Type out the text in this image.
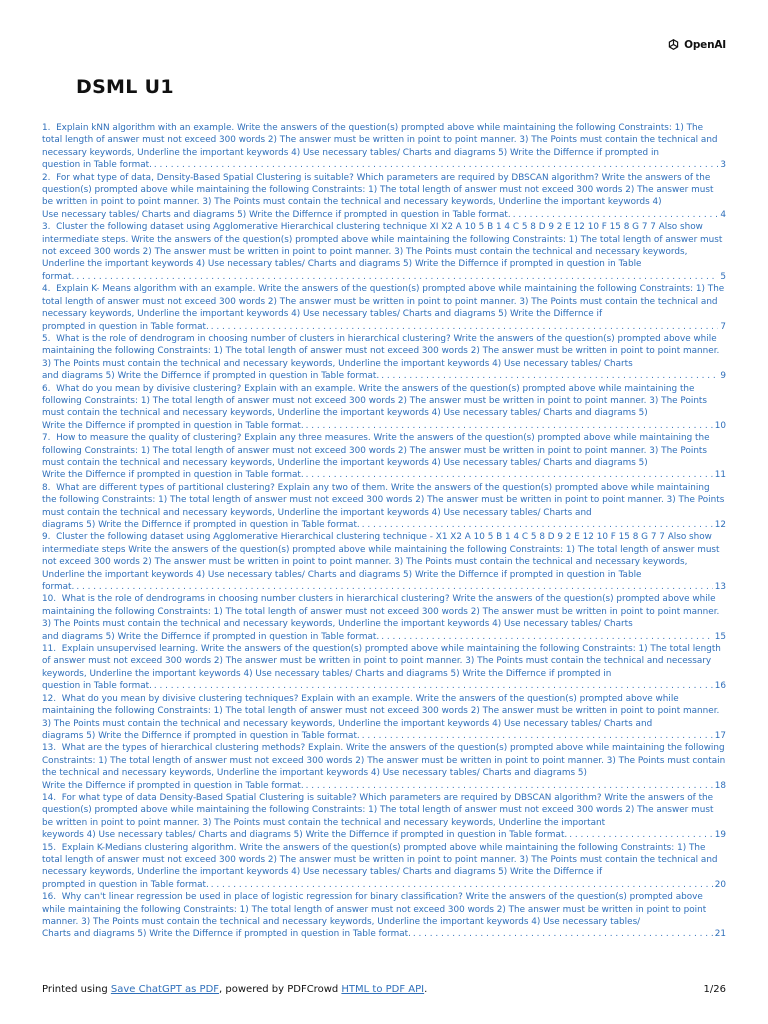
OpenAI
DSML U1
1. Explain kNN algorithm with an example. Write the answers of the question(s) prompted above while maintaining the following Constraints: 1) The total length of answer must not exceed 300 words 2) The answer must be written in point to point manner. 3) The Points must contain the technical and necessary keywords, Underline the important keywords 4) Use necessary tables/ Charts and diagrams 5) Write the Differnce if prompted in
question in Table format. . . .	3
2. For what type of data, Density-Based Spatial Clustering is suitable? Which parameters are required by DBSCAN algorithm? Write the answers of the question(s) prompted above while maintaining the following Constraints: 1) The total length of answer must not exceed 300 words 2) The answer must be written in point to point manner. 3) The Points must contain the technical and necessary keywords, Underline the important keywords 4)
Use necessary tables/ Charts and diagrams 5) Write the Differnce if prompted in question in Table format. . . .	4
3. Cluster the following dataset using Agglomerative Hierarchical clustering technique XI X2 A 10 5 B 1 4 C 5 8 D 9 2 E 12 10 F 15 8 G 7 7 Also show intermediate steps. Write the answers of the question(s) prompted above while maintaining the following Constraints: 1) The total length of answer must not exceed 300 words 2) The answer must be written in point to point manner. 3) The Points must contain the technical and necessary keywords, Underline the important keywords 4) Use necessary tables/ Charts and diagrams 5) Write the Differnce if prompted in question in Table
format. . . .	5
4. Explain K- Means algorithm with an example. Write the answers of the question(s) prompted above while maintaining the following Constraints: 1) The total length of answer must not exceed 300 words 2) The answer must be written in point to point manner. 3) The Points must contain the technical and necessary keywords, Underline the important keywords 4) Use necessary tables/ Charts and diagrams 5) Write the Differnce if
prompted in question in Table format. . . .	7
5. What is the role of dendrogram in choosing number of clusters in hierarchical clustering? Write the answers of the question(s) prompted above while maintaining the following Constraints: 1) The total length of answer must not exceed 300 words 2) The answer must be written in point to point manner. 3) The Points must contain the technical and necessary keywords, Underline the important keywords 4) Use necessary tables/ Charts
and diagrams 5) Write the Differnce if prompted in question in Table format. . . .	9
6. What do you mean by divisive clustering? Explain with an example. Write the answers of the question(s) prompted above while maintaining the following Constraints: 1) The total length of answer must not exceed 300 words 2) The answer must be written in point to point manner. 3) The Points must contain the technical and necessary keywords, Underline the important keywords 4) Use necessary tables/ Charts and diagrams 5)
Write the Differnce if prompted in question in Table format. . . .	10
7. How to measure the quality of clustering? Explain any three measures. Write the answers of the question(s) prompted above while maintaining the following Constraints: 1) The total length of answer must not exceed 300 words 2) The answer must be written in point to point manner. 3) The Points must contain the technical and necessary keywords, Underline the important keywords 4) Use necessary tables/ Charts and diagrams 5)
Write the Differnce if prompted in question in Table format. . . .	11
8. What are different types of partitional clustering? Explain any two of them. Write the answers of the question(s) prompted above while maintaining the following Constraints: 1) The total length of answer must not exceed 300 words 2) The answer must be written in point to point manner. 3) The Points must contain the technical and necessary keywords, Underline the important keywords 4) Use necessary tables/ Charts and
diagrams 5) Write the Differnce if prompted in question in Table format. . . .	12
9. Cluster the following dataset using Agglomerative Hierarchical clustering technique - X1 X2 A 10 5 B 1 4 C 5 8 D 9 2 E 12 10 F 15 8 G 7 7 Also show intermediate steps Write the answers of the question(s) prompted above while maintaining the following Constraints: 1) The total length of answer must not exceed 300 words 2) The answer must be written in point to point manner. 3) The Points must contain the technical and necessary keywords, Underline the important keywords 4) Use necessary tables/ Charts and diagrams 5) Write the Differnce if prompted in question in Table
format. . . .	13
10. What is the role of dendrograms in choosing number clusters in hierarchical clustering? Write the answers of the question(s) prompted above while maintaining the following Constraints: 1) The total length of answer must not exceed 300 words 2) The answer must be written in point to point manner. 3) The Points must contain the technical and necessary keywords, Underline the important keywords 4) Use necessary tables/ Charts
and diagrams 5) Write the Differnce if prompted in question in Table format. . . .	15
11. Explain unsupervised learning. Write the answers of the question(s) prompted above while maintaining the following Constraints: 1) The total length of answer must not exceed 300 words 2) The answer must be written in point to point manner. 3) The Points must contain the technical and necessary keywords, Underline the important keywords 4) Use necessary tables/ Charts and diagrams 5) Write the Differnce if prompted in
question in Table format. . . .	16
12. What do you mean by divisive clustering techniques? Explain with an example. Write the answers of the question(s) prompted above while maintaining the following Constraints: 1) The total length of answer must not exceed 300 words 2) The answer must be written in point to point manner. 3) The Points must contain the technical and necessary keywords, Underline the important keywords 4) Use necessary tables/ Charts and
diagrams 5) Write the Differnce if prompted in question in Table format. . . .	17
13. What are the types of hierarchical clustering methods? Explain. Write the answers of the question(s) prompted above while maintaining the following Constraints: 1) The total length of answer must not exceed 300 words 2) The answer must be written in point to point manner. 3) The Points must contain the technical and necessary keywords, Underline the important keywords 4) Use necessary tables/ Charts and diagrams 5)
Write the Differnce if prompted in question in Table format. . . .	18
14. For what type of data Density-Based Spatial Clustering is suitable? Which parameters are required by DBSCAN algorithm? Write the answers of the question(s) prompted above while maintaining the following Constraints: 1) The total length of answer must not exceed 300 words 2) The answer must be written in point to point manner. 3) The Points must contain the technical and necessary keywords, Underline the important
keywords 4) Use necessary tables/ Charts and diagrams 5) Write the Differnce if prompted in question in Table format. . . .	19
15. Explain K-Medians clustering algorithm. Write the answers of the question(s) prompted above while maintaining the following Constraints: 1) The total length of answer must not exceed 300 words 2) The answer must be written in point to point manner. 3) The Points must contain the technical and necessary keywords, Underline the important keywords 4) Use necessary tables/ Charts and diagrams 5) Write the Differnce if
prompted in question in Table format. . . .	20
16. Why can't linear regression be used in place of logistic regression for binary classification? Write the answers of the question(s) prompted above while maintaining the following Constraints: 1) The total length of answer must not exceed 300 words 2) The answer must be written in point to point manner. 3) The Points must contain the technical and necessary keywords, Underline the important keywords 4) Use necessary tables/
Charts and diagrams 5) Write the Differnce if prompted in question in Table format. . . .	21
Printed using Save ChatGPT as PDF, powered by PDFCrowd HTML to PDF API.	1/26
